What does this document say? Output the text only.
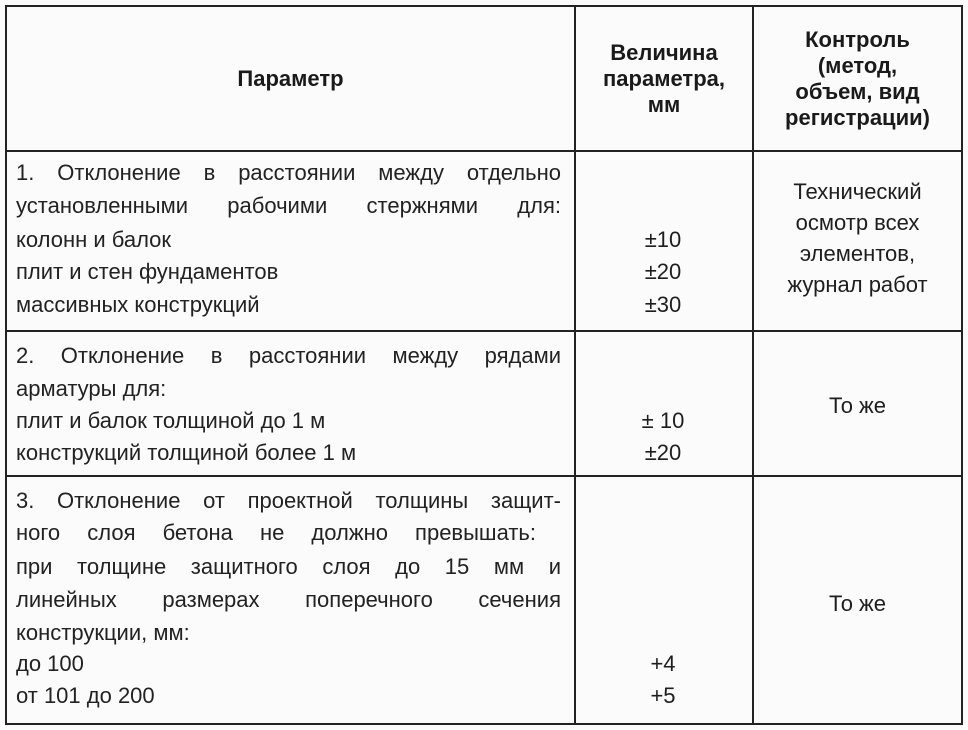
Параметр
Величина
параметра,
мм
Контроль
(метод,
объем, вид
регистрации)
1. Отклонение в расстоянии между отдельно
установленными рабочими стержнями для:
колонн и балок
плит и стен фундаментов
массивных конструкций
±10
±20
±30
Технический
осмотр всех
элементов,
журнал работ
2. Отклонение в расстоянии между рядами
арматуры для:
плит и балок толщиной до 1 м
конструкций толщиной более 1 м
± 10
±20
То же
3. Отклонение от проектной толщины защит-
ного слоя бетона не должно превышать:
при толщине защитного слоя до 15 мм и
линейных размерах поперечного сечения
конструкции, мм:
до 100
от 101 до 200
+4
+5
То же
